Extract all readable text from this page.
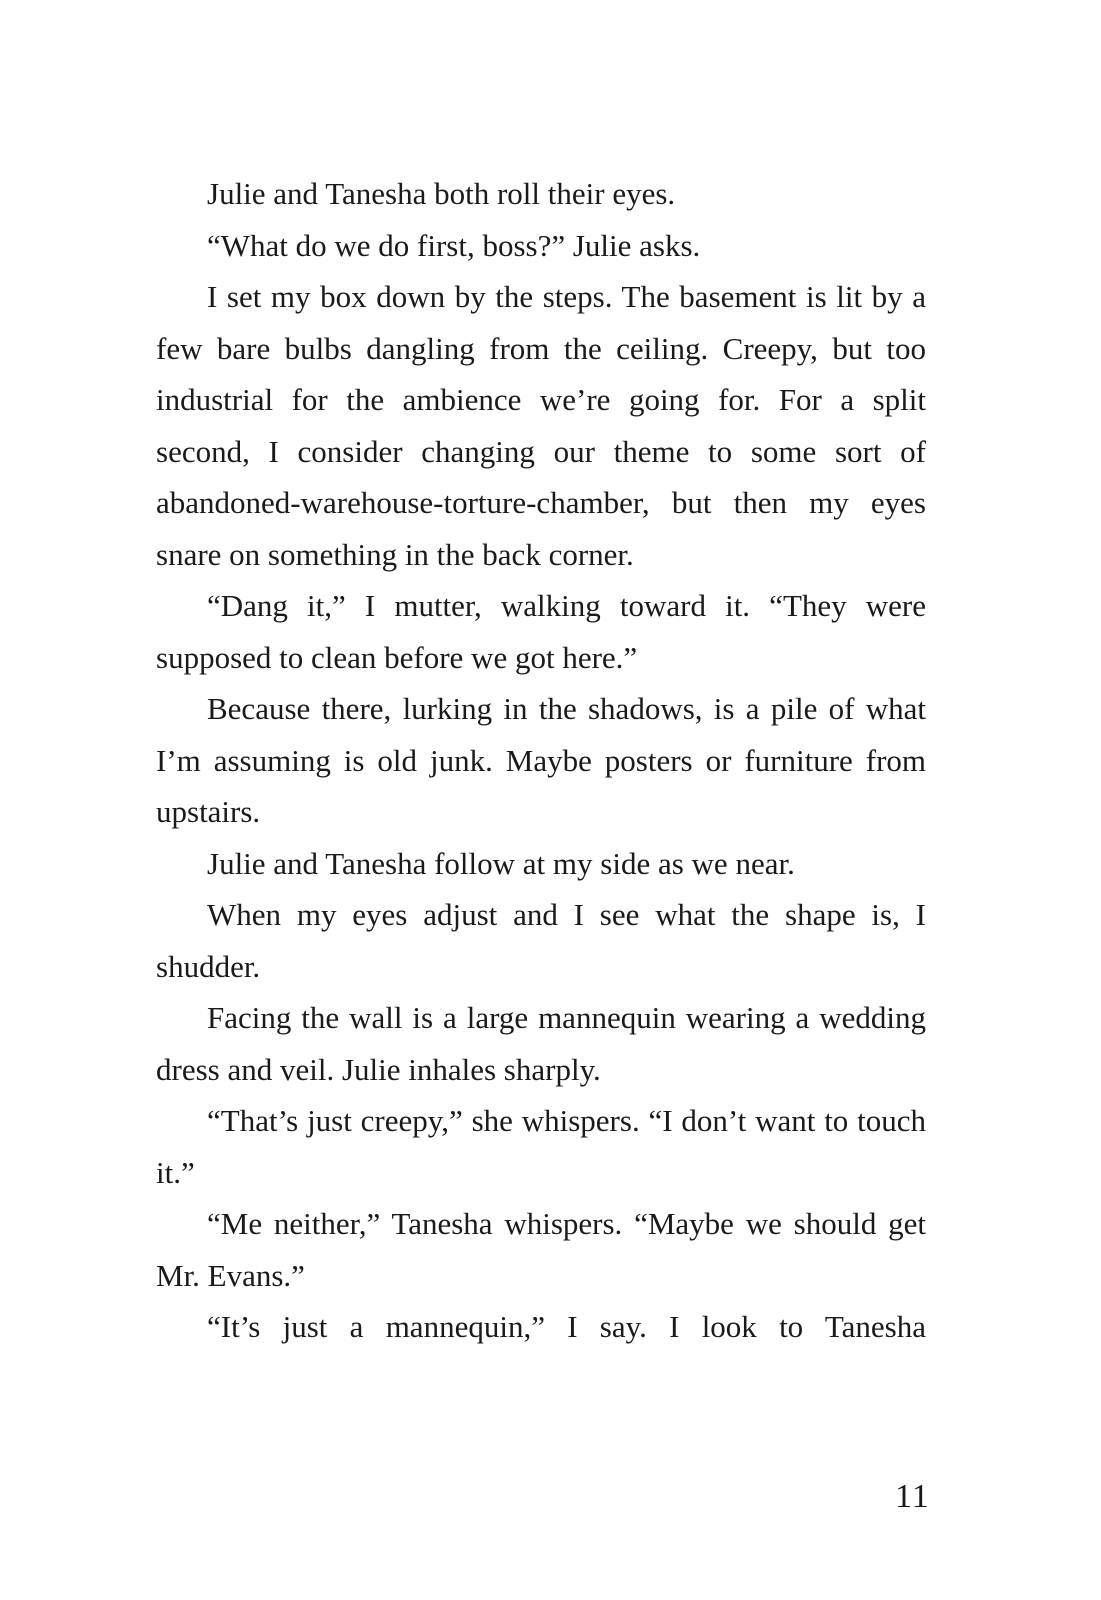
Julie and Tanesha both roll their eyes.

“What do we do first, boss?” Julie asks.

I set my box down by the steps. The basement is lit by a few bare bulbs dangling from the ceiling. Creepy, but too industrial for the ambience we’re going for. For a split second, I consider changing our theme to some sort of abandoned-warehouse-torture-chamber, but then my eyes snare on something in the back corner.

“Dang it,” I mutter, walking toward it. “They were supposed to clean before we got here.”

Because there, lurking in the shadows, is a pile of what I’m assuming is old junk. Maybe posters or furniture from upstairs.

Julie and Tanesha follow at my side as we near.

When my eyes adjust and I see what the shape is, I shudder.

Facing the wall is a large mannequin wearing a wedding dress and veil. Julie inhales sharply.

“That’s just creepy,” she whispers. “I don’t want to touch it.”

“Me neither,” Tanesha whispers. “Maybe we should get Mr. Evans.”

“It’s just a mannequin,” I say. I look to Tanesha

11
